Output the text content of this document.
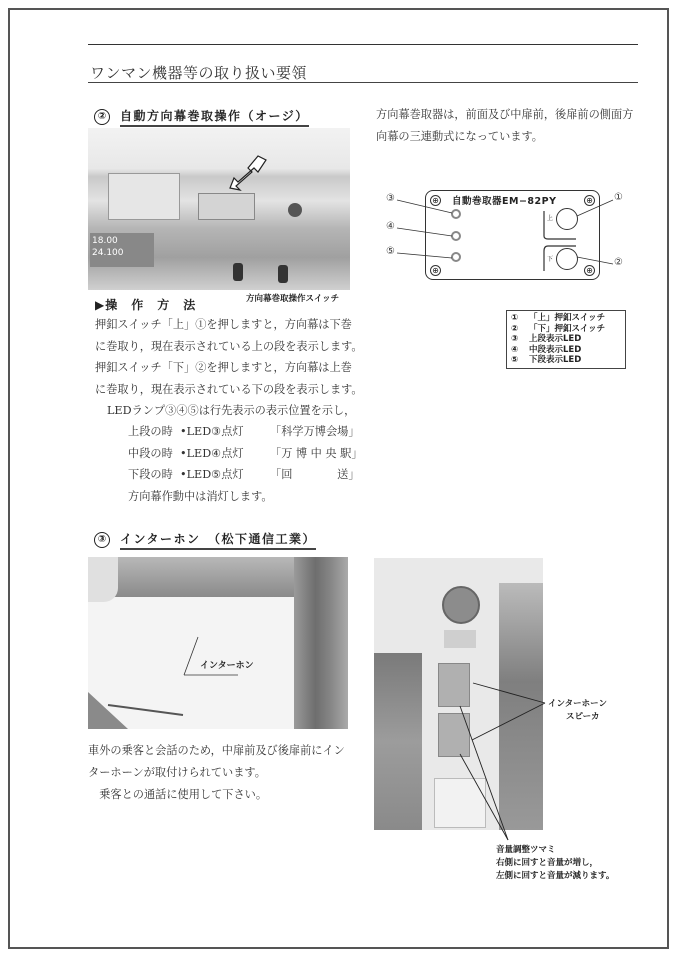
ワンマン機器等の取り扱い要領
② 自動方向幕巻取操作（オージ）
18.00
24.100
方向幕巻取操作スイッチ
▶操　作　方　法
押釦スイッチ「上」①を押しますと，方向幕は下巻
に巻取り，現在表示されている上の段を表示します。
押釦スイッチ「下」②を押しますと，方向幕は上巻
に巻取り，現在表示されている下の段を表示します。
LEDランプ③④⑤は行先表示の表示位置を示し，
上段の時 •LED③点灯	「科学万博会場」
中段の時 •LED④点灯	「万 博 中 央 駅」
下段の時 •LED⑤点灯	「回　　　　送」
方向幕作動中は消灯します。
方向幕巻取器は，前面及び中扉前，後扉前の側面方
向幕の三連動式になっています。
自動巻取器EM−82PY
⊕	⊕
⊕	⊕
上
下
③
④
⑤
①
②
① 「上」押釦スイッチ
② 「下」押釦スイッチ
③ 上段表示LED
④ 中段表示LED
⑤ 下段表示LED
③ インターホン　（松下通信工業）
インターホン
車外の乗客と会話のため，中扉前及び後扉前にイン
ターホーンが取付けられています。
　乗客との通話に使用して下さい。
インターホーン
スピーカ
音量調整ツマミ
右側に回すと音量が増し，
左側に回すと音量が減ります。
